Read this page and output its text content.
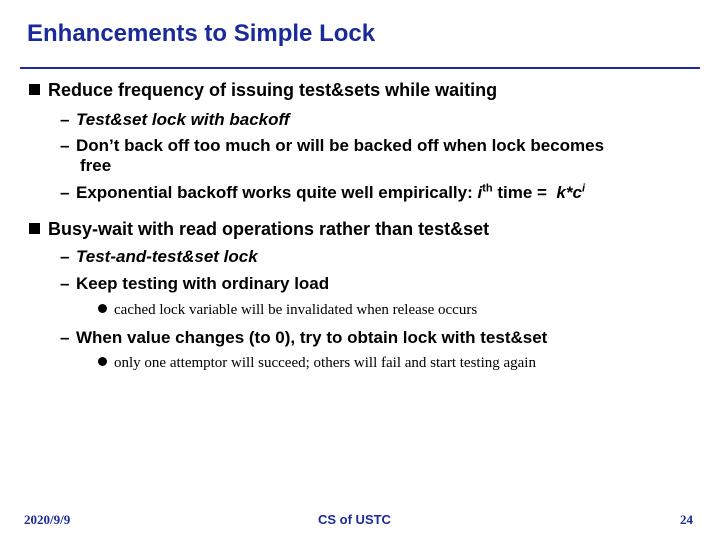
Enhancements to Simple Lock
Reduce frequency of issuing test&sets while waiting
– Test&set lock with backoff
– Don’t back off too much or will be backed off when lock becomes
free
– Exponential backoff works quite well empirically: $i^{th}$ time =  $k*c^i$
Busy-wait with read operations rather than test&set
– Test-and-test&set lock
– Keep testing with ordinary load
cached lock variable will be invalidated when release occurs
– When value changes (to 0), try to obtain lock with test&set
only one attemptor will succeed; others will fail and start testing again
2020/9/9	CS of USTC	24
